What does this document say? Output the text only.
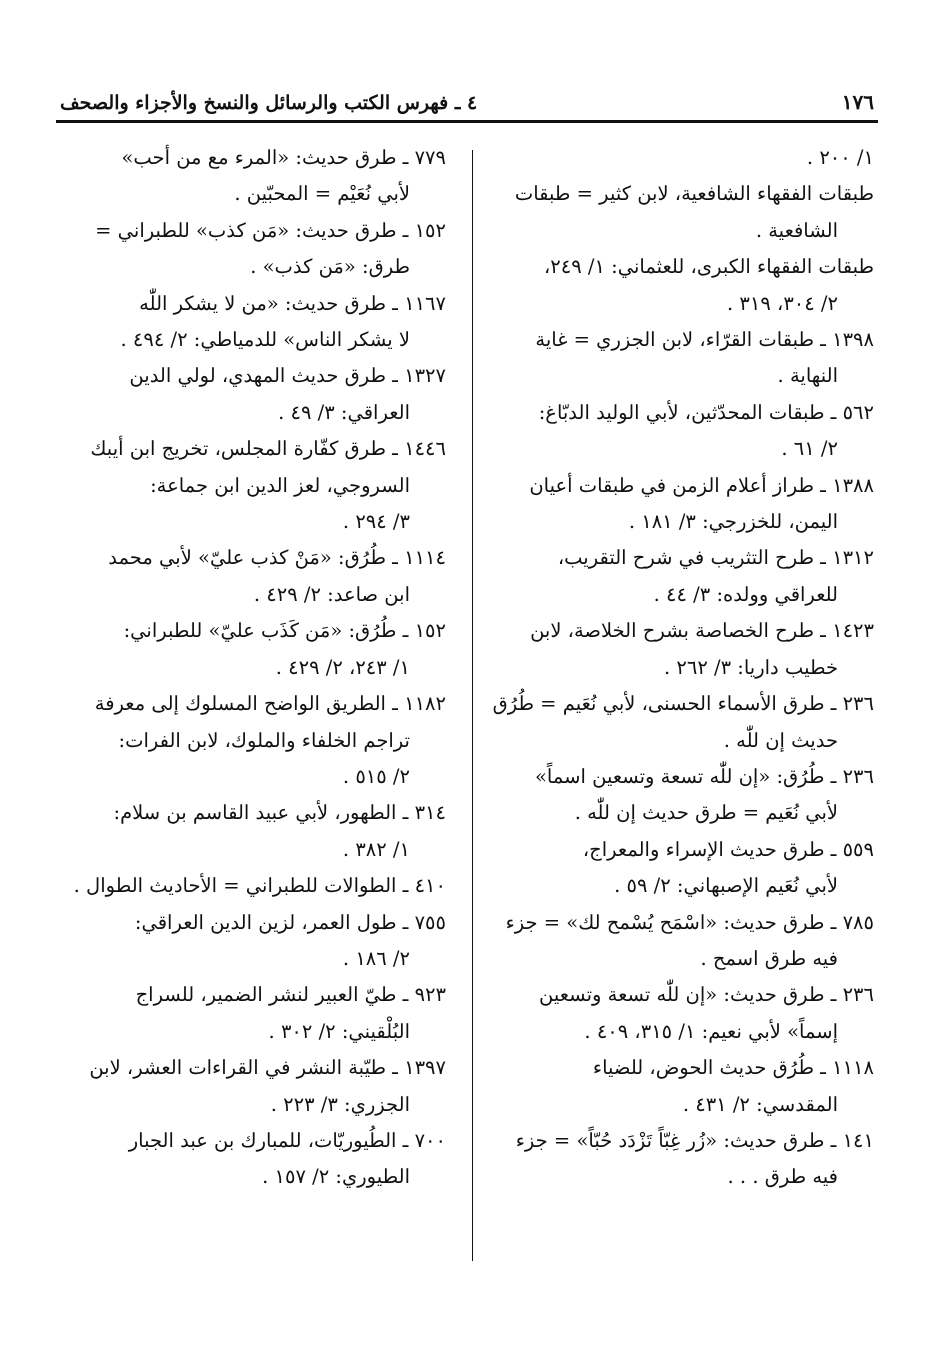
١٧٦
٤ ـ فهرس الكتب والرسائل والنسخ والأجزاء والصحف
١/ ٢٠٠ .
طبقات الفقهاء الشافعية، لابن كثير = طبقات
الشافعية .
طبقات الفقهاء الكبرى، للعثماني: ١/ ٢٤٩،
٢/ ٣٠٤، ٣١٩ .
١٣٩٨ ـ طبقات القرّاء، لابن الجزري = غاية
النهاية .
٥٦٢ ـ طبقات المحدّثين، لأبي الوليد الدبّاغ:
٢/ ٦١ .
١٣٨٨ ـ طراز أعلام الزمن في طبقات أعيان
اليمن، للخزرجي: ٣/ ١٨١ .
١٣١٢ ـ طرح التثريب في شرح التقريب،
للعراقي وولده: ٣/ ٤٤ .
١٤٢٣ ـ طرح الخصاصة بشرح الخلاصة، لابن
خطيب داريا: ٣/ ٢٦٢ .
٢٣٦ ـ طرق الأسماء الحسنى، لأبي نُعَيم = طُرُق
حديث إن للّٰه .
٢٣٦ ـ طُرُق: «إن للّٰه تسعة وتسعين اسماً»
لأبي نُعَيم = طرق حديث إن للّٰه .
٥٥٩ ـ طرق حديث الإسراء والمعراج،
لأبي نُعَيم الإصبهاني: ٢/ ٥٩ .
٧٨٥ ـ طرق حديث: «اسْمَح يُسْمح لك» = جزء
فيه طرق اسمح .
٢٣٦ ـ طرق حديث: «إن للّٰه تسعة وتسعين
إسماً» لأبي نعيم: ١/ ٣١٥، ٤٠٩ .
١١١٨ ـ طُرُق حديث الحوض، للضياء
المقدسي: ٢/ ٤٣١ .
١٤١ ـ طرق حديث: «زُر غِبّاً تَزْدَد حُبّاً» = جزء
فيه طرق . . .
٧٧٩ ـ طرق حديث: «المرء مع من أحب»
لأبي نُعَيْم = المحبّين .
١٥٢ ـ طرق حديث: «مَن كذب» للطبراني =
طرق: «مَن كذب» .
١١٦٧ ـ طرق حديث: «من لا يشكر اللّٰه
لا يشكر الناس» للدمياطي: ٢/ ٤٩٤ .
١٣٢٧ ـ طرق حديث المهدي، لولي الدين
العراقي: ٣/ ٤٩ .
١٤٤٦ ـ طرق كفّارة المجلس، تخريج ابن أيبك
السروجي، لعز الدين ابن جماعة:
٣/ ٢٩٤ .
١١١٤ ـ طُرُق: «مَنْ كذب عليّ» لأبي محمد
ابن صاعد: ٢/ ٤٢٩ .
١٥٢ ـ طُرُق: «مَن كَذَب عليّ» للطبراني:
١/ ٢٤٣، ٢/ ٤٢٩ .
١١٨٢ ـ الطريق الواضح المسلوك إلى معرفة
تراجم الخلفاء والملوك، لابن الفرات:
٢/ ٥١٥ .
٣١٤ ـ الطهور، لأبي عبيد القاسم بن سلام:
١/ ٣٨٢ .
٤١٠ ـ الطوالات للطبراني = الأحاديث الطوال .
٧٥٥ ـ طول العمر، لزين الدين العراقي:
٢/ ١٨٦ .
٩٢٣ ـ طيّ العبير لنشر الضمير، للسراج
البُلْقيني: ٢/ ٣٠٢ .
١٣٩٧ ـ طيّبة النشر في القراءات العشر، لابن
الجزري: ٣/ ٢٢٣ .
٧٠٠ ـ الطُيوريّات، للمبارك بن عبد الجبار
الطيوري: ٢/ ١٥٧ .
